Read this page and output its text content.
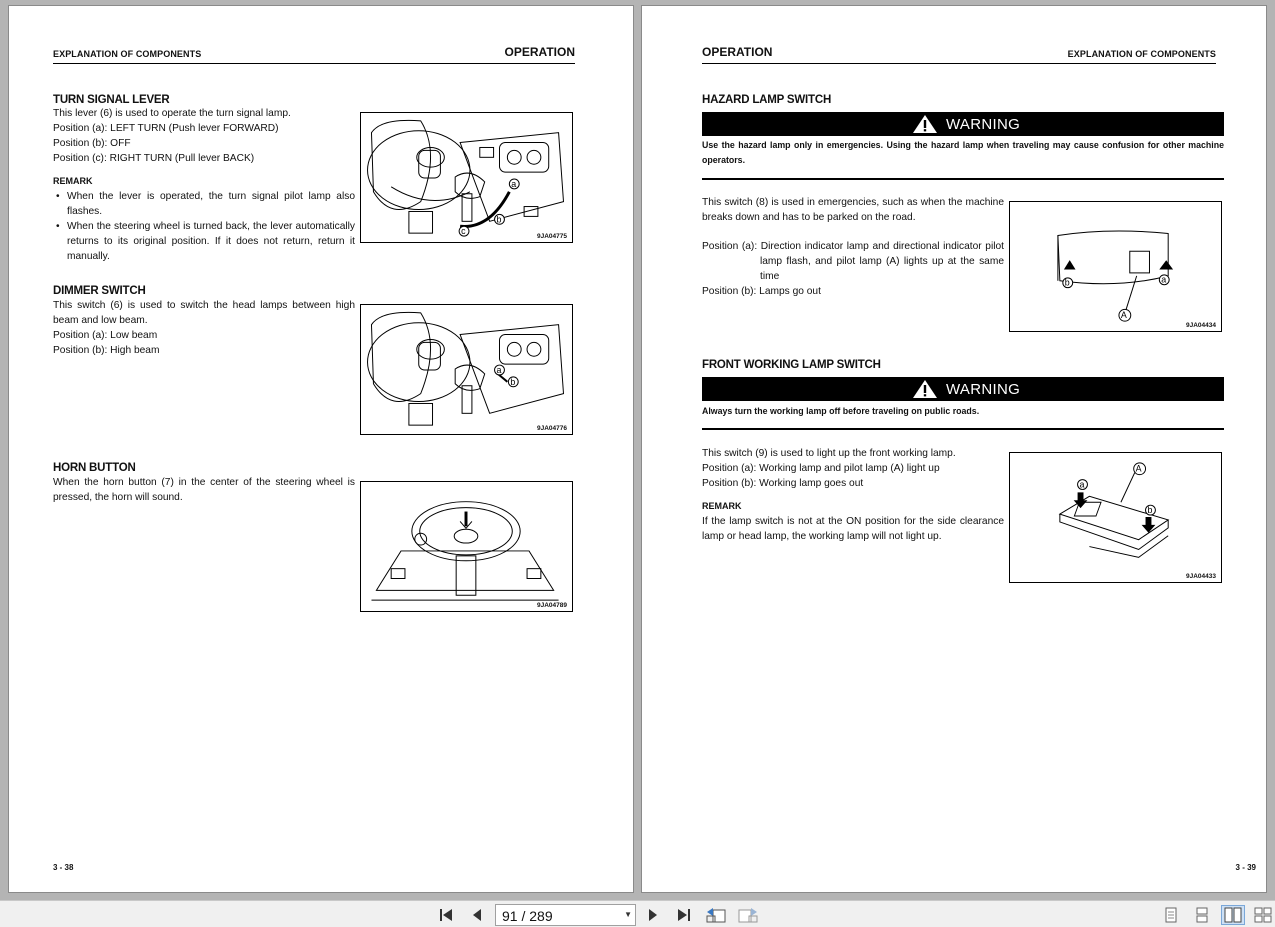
EXPLANATION OF COMPONENTS	OPERATION
TURN SIGNAL LEVER

This lever (6) is used to operate the turn signal lamp.

Position (a): LEFT TURN (Push lever FORWARD)

Position (b): OFF

Position (c): RIGHT TURN (Pull lever BACK)

REMARK
• When the lever is operated, the turn signal pilot lamp also flashes.
• When the steering wheel is turned back, the lever automatically returns to its original position. If it does not return, return it manually.
a
b
c
9JA04775
DIMMER SWITCH

This switch (6) is used to switch the head lamps between high beam and low beam.

Position (a): Low beam

Position (b): High beam

a
b
9JA04776
HORN BUTTON

When the horn button (7) in the center of the steering wheel is pressed, the horn will sound.

9JA04789
3 - 38
OPERATION	EXPLANATION OF COMPONENTS
HAZARD LAMP SWITCH
WARNING
Use the hazard lamp only in emergencies. Using the hazard lamp when traveling may cause confusion for other machine operators.

This switch (8) is used in emergencies, such as when the machine breaks down and has to be parked on the road.

Position (a): Direction indicator lamp and directional indicator pilot lamp flash, and pilot lamp (A) lights up at the same time

Position (b): Lamps go out

b	a
A
9JA04434
FRONT WORKING LAMP SWITCH
WARNING
Always turn the working lamp off before traveling on public roads.

This switch (9) is used to light up the front working lamp.

Position (a): Working lamp and pilot lamp (A) light up

Position (b): Working lamp goes out

REMARK

If the lamp switch is not at the ON position for the side clearance lamp or head lamp, the working lamp will not light up.

a
b
A
9JA04433
3 - 39
91 / 289	▼
